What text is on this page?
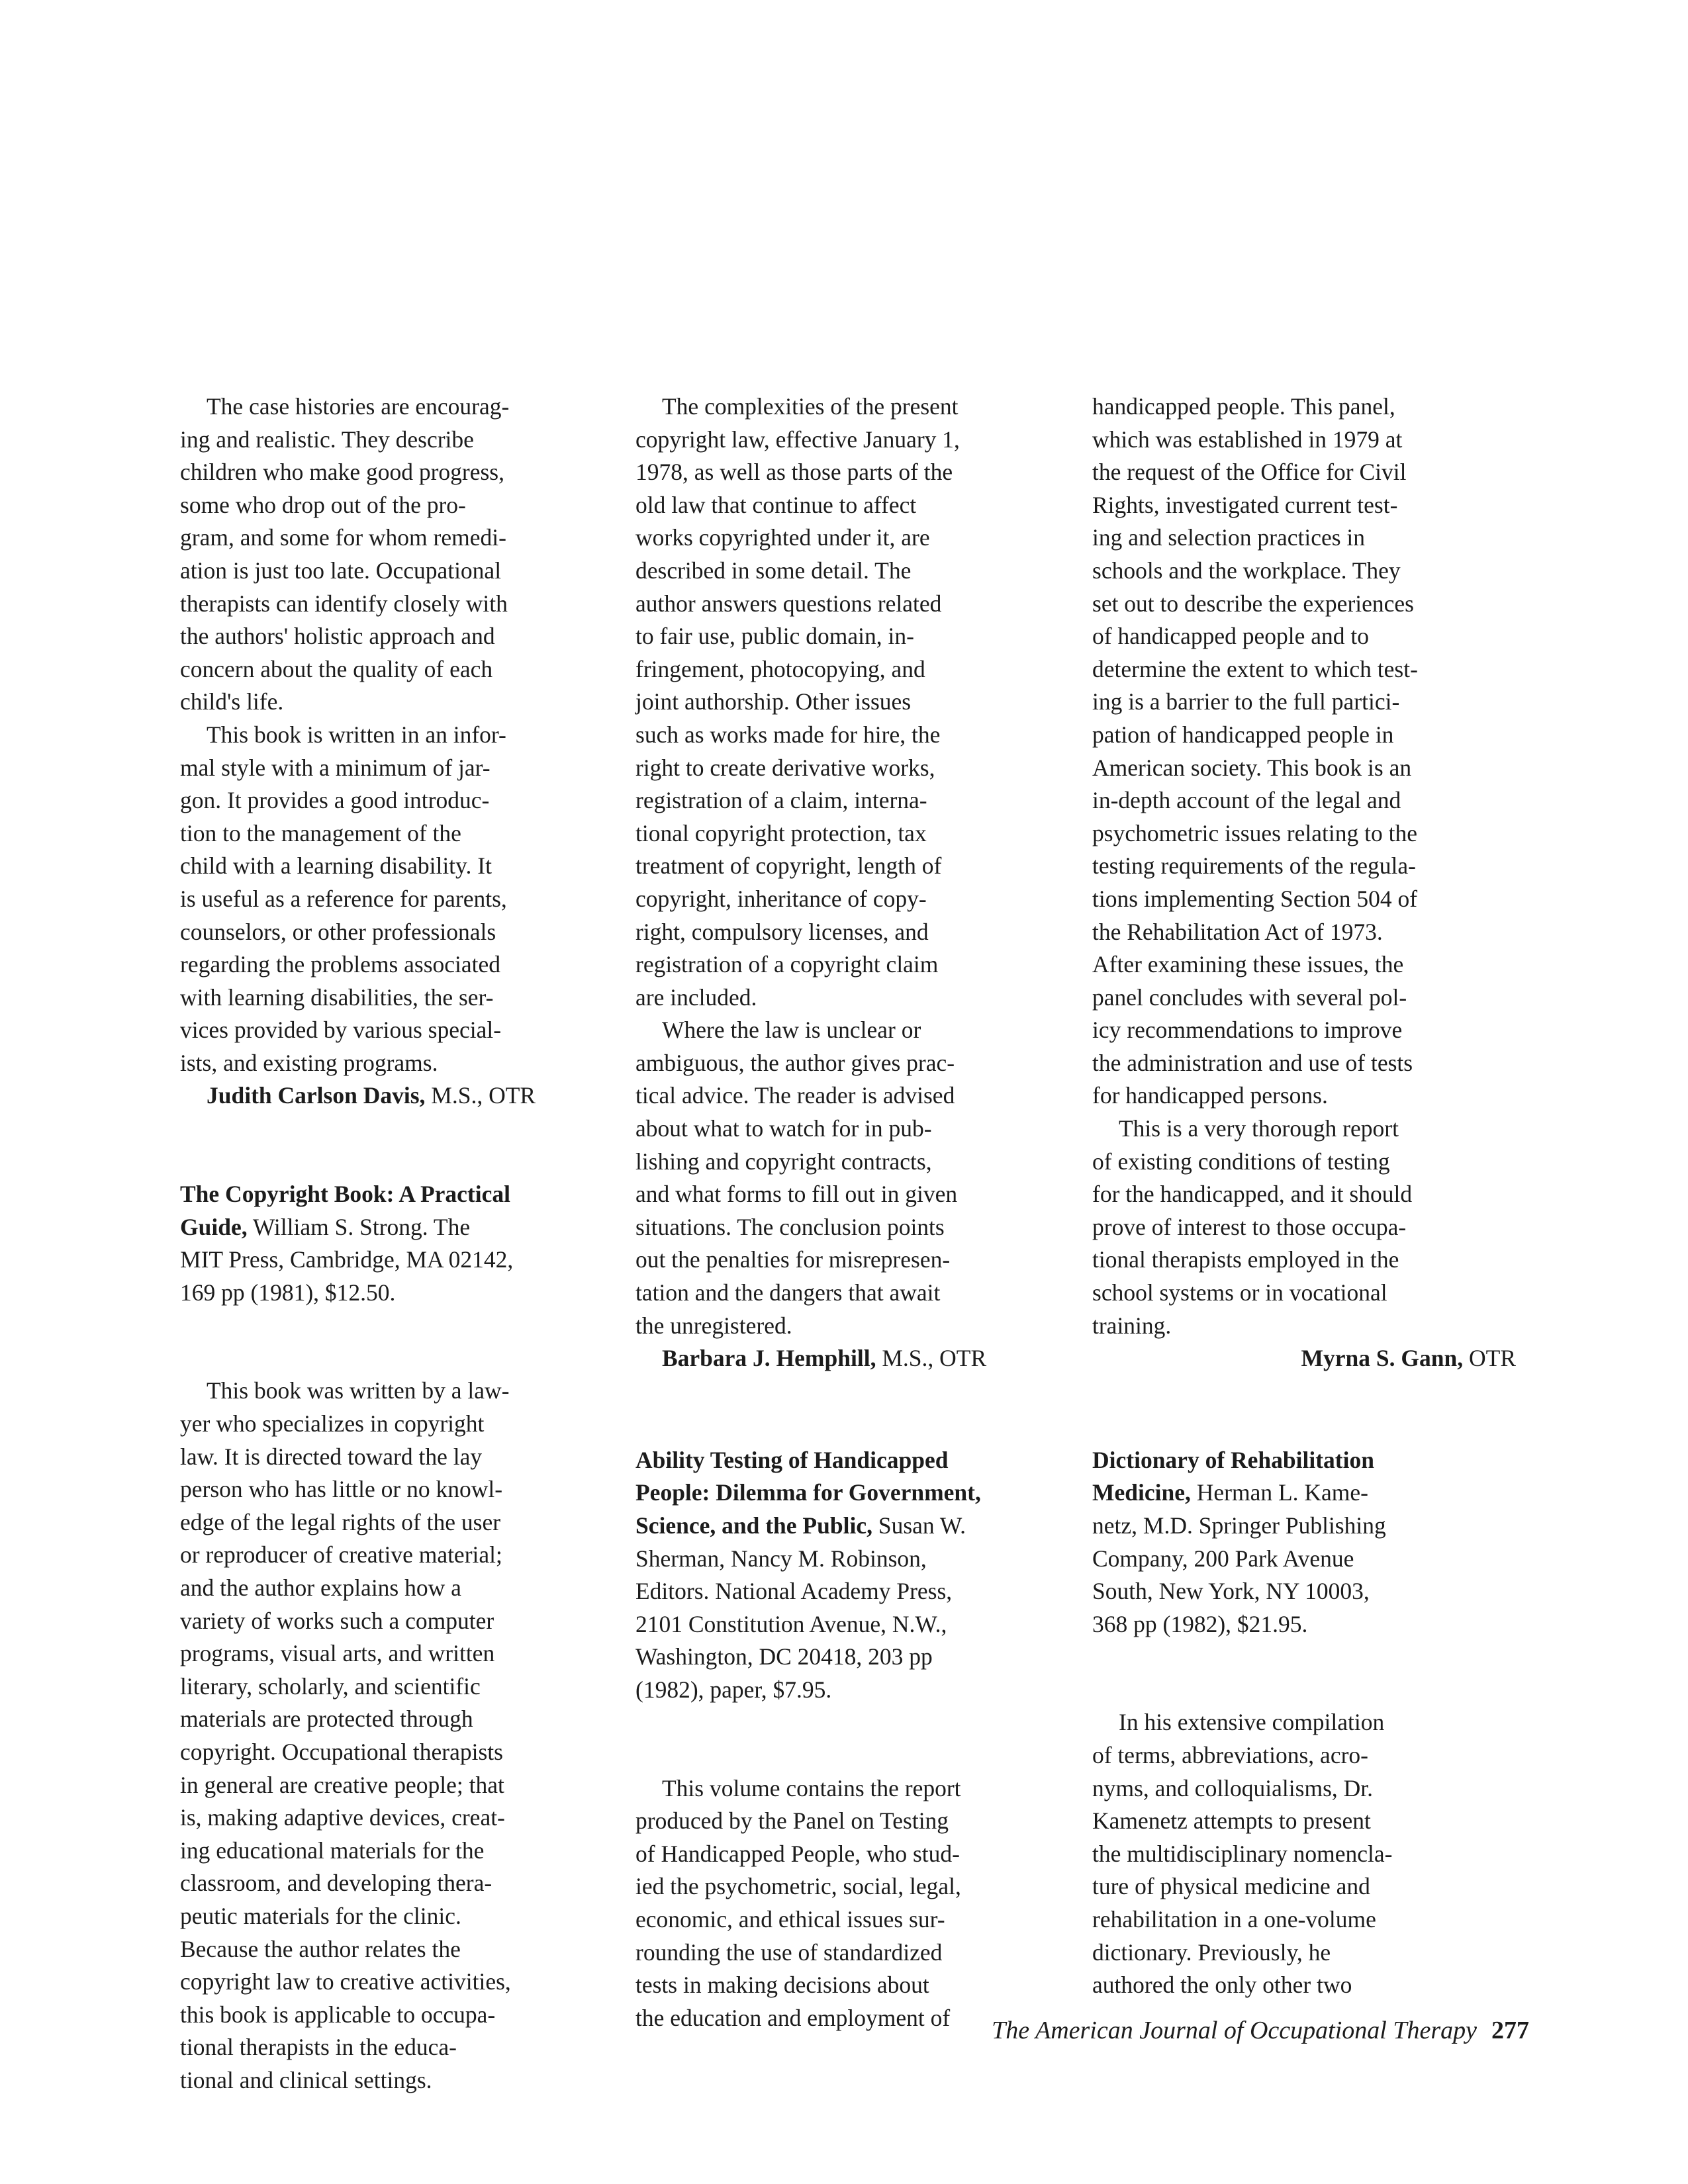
The case histories are encourag-
ing and realistic. They describe
children who make good progress,
some who drop out of the pro-
gram, and some for whom remedi-
ation is just too late. Occupational
therapists can identify closely with
the authors' holistic approach and
concern about the quality of each
child's life.
This book is written in an infor-
mal style with a minimum of jar-
gon. It provides a good introduc-
tion to the management of the
child with a learning disability. It
is useful as a reference for parents,
counselors, or other professionals
regarding the problems associated
with learning disabilities, the ser-
vices provided by various special-
ists, and existing programs.
Judith Carlson Davis, M.S., OTR
The Copyright Book: A Practical
Guide, William S. Strong. The
MIT Press, Cambridge, MA 02142,
169 pp (1981), $12.50.
This book was written by a law-
yer who specializes in copyright
law. It is directed toward the lay
person who has little or no knowl-
edge of the legal rights of the user
or reproducer of creative material;
and the author explains how a
variety of works such a computer
programs, visual arts, and written
literary, scholarly, and scientific
materials are protected through
copyright. Occupational therapists
in general are creative people; that
is, making adaptive devices, creat-
ing educational materials for the
classroom, and developing thera-
peutic materials for the clinic.
Because the author relates the
copyright law to creative activities,
this book is applicable to occupa-
tional therapists in the educa-
tional and clinical settings.
The complexities of the present
copyright law, effective January 1,
1978, as well as those parts of the
old law that continue to affect
works copyrighted under it, are
described in some detail. The
author answers questions related
to fair use, public domain, in-
fringement, photocopying, and
joint authorship. Other issues
such as works made for hire, the
right to create derivative works,
registration of a claim, interna-
tional copyright protection, tax
treatment of copyright, length of
copyright, inheritance of copy-
right, compulsory licenses, and
registration of a copyright claim
are included.
Where the law is unclear or
ambiguous, the author gives prac-
tical advice. The reader is advised
about what to watch for in pub-
lishing and copyright contracts,
and what forms to fill out in given
situations. The conclusion points
out the penalties for misrepresen-
tation and the dangers that await
the unregistered.
Barbara J. Hemphill, M.S., OTR
Ability Testing of Handicapped
People: Dilemma for Government,
Science, and the Public, Susan W.
Sherman, Nancy M. Robinson,
Editors. National Academy Press,
2101 Constitution Avenue, N.W.,
Washington, DC 20418, 203 pp
(1982), paper, $7.95.
This volume contains the report
produced by the Panel on Testing
of Handicapped People, who stud-
ied the psychometric, social, legal,
economic, and ethical issues sur-
rounding the use of standardized
tests in making decisions about
the education and employment of
handicapped people. This panel,
which was established in 1979 at
the request of the Office for Civil
Rights, investigated current test-
ing and selection practices in
schools and the workplace. They
set out to describe the experiences
of handicapped people and to
determine the extent to which test-
ing is a barrier to the full partici-
pation of handicapped people in
American society. This book is an
in-depth account of the legal and
psychometric issues relating to the
testing requirements of the regula-
tions implementing Section 504 of
the Rehabilitation Act of 1973.
After examining these issues, the
panel concludes with several pol-
icy recommendations to improve
the administration and use of tests
for handicapped persons.
This is a very thorough report
of existing conditions of testing
for the handicapped, and it should
prove of interest to those occupa-
tional therapists employed in the
school systems or in vocational
training.
Myrna S. Gann, OTR
Dictionary of Rehabilitation
Medicine, Herman L. Kame-
netz, M.D. Springer Publishing
Company, 200 Park Avenue
South, New York, NY 10003,
368 pp (1982), $21.95.
In his extensive compilation
of terms, abbreviations, acro-
nyms, and colloquialisms, Dr.
Kamenetz attempts to present
the multidisciplinary nomencla-
ture of physical medicine and
rehabilitation in a one-volume
dictionary. Previously, he
authored the only other two
The American Journal of Occupational Therapy 277
